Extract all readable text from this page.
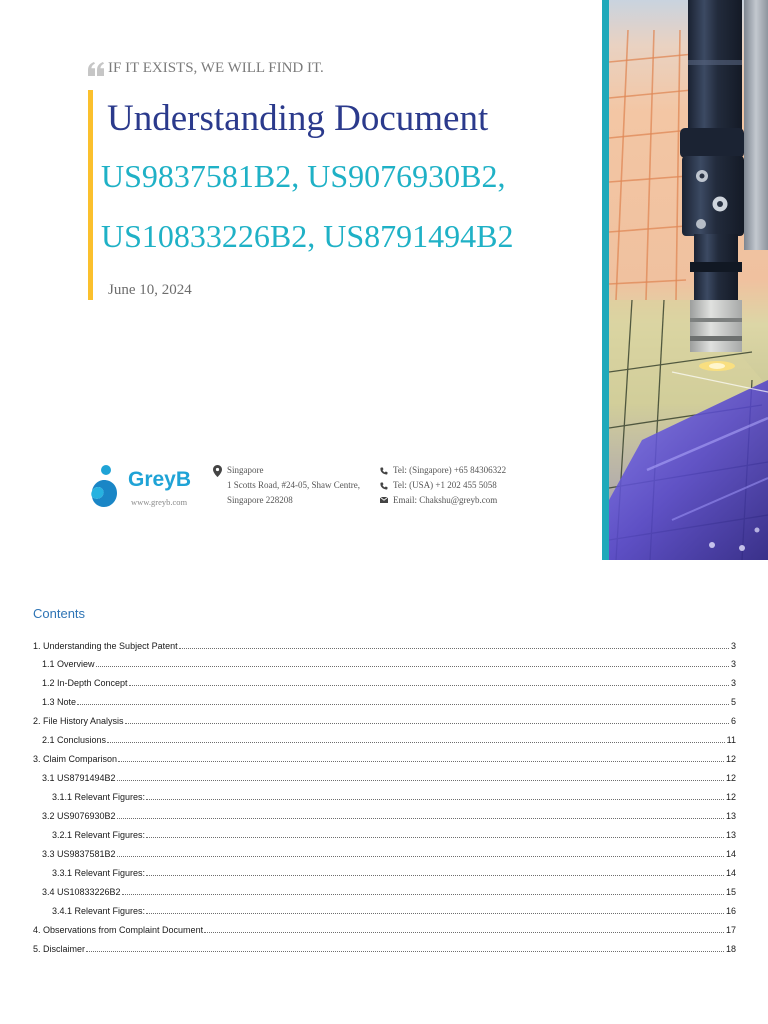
IF IT EXISTS, WE WILL FIND IT.
Understanding Document
US9837581B2, US9076930B2,
US10833226B2, US8791494B2
June 10, 2024
GreyB
www.greyb.com
Singapore
1 Scotts Road, #24-05, Shaw Centre,
Singapore 228208
Tel: (Singapore) +65 84306322
Tel: (USA) +1 202 455 5058
Email: Chakshu@greyb.com
Contents
1. Understanding the Subject Patent	3
1.1 Overview	3
1.2 In-Depth Concept	3
1.3 Note	5
2. File History Analysis	6
2.1 Conclusions	11
3. Claim Comparison	12
3.1 US8791494B2	12
3.1.1 Relevant Figures:	12
3.2 US9076930B2	13
3.2.1 Relevant Figures:	13
3.3 US9837581B2	14
3.3.1 Relevant Figures:	14
3.4 US10833226B2	15
3.4.1 Relevant Figures:	16
4. Observations from Complaint Document	17
5. Disclaimer	18
